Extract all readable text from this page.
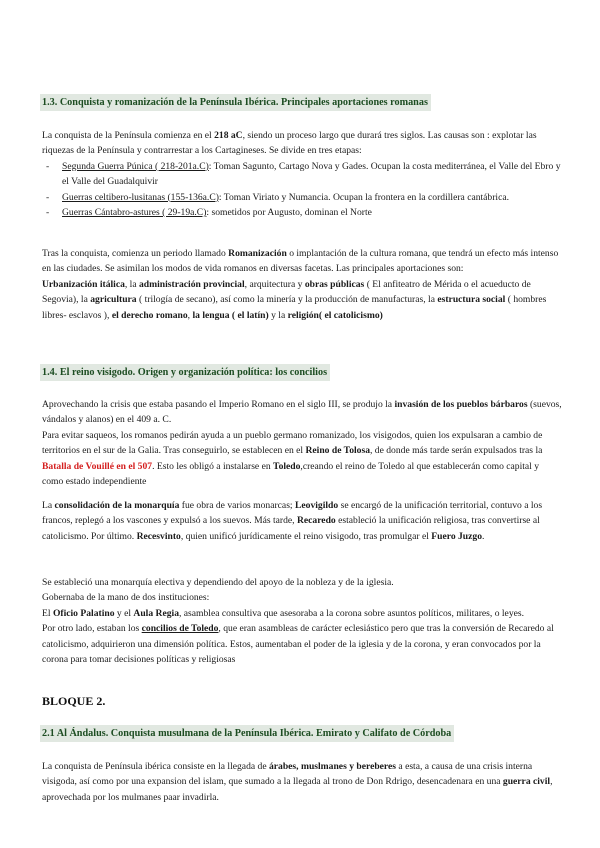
1.3. Conquista y romanización de la Península Ibérica. Principales aportaciones romanas

La conquista de la Península comienza en el 218 aC, siendo un proceso largo que durará tres siglos. Las causas son : explotar las riquezas de la Península y contrarrestar a los Cartagineses. Se divide en tres etapas:

- Segunda Guerra Púnica ( 218-201a.C): Toman Sagunto, Cartago Nova y Gades. Ocupan la costa mediterránea, el Valle del Ebro y el Valle del Guadalquivir
- Guerras celtibero-lusitanas (155-136a.C): Toman Viriato y Numancia. Ocupan la frontera en la cordillera cantábrica.
- Guerras Cántabro-astures ( 29-19a.C): sometidos por Augusto, dominan el Norte

Tras la conquista, comienza un periodo llamado Romanización o implantación de la cultura romana, que tendrá un efecto más intenso en las ciudades. Se asimilan los modos de vida romanos en diversas facetas. Las principales aportaciones son:

Urbanización itálica, la administración provincial, arquitectura y obras públicas ( El anfiteatro de Mérida o el acueducto de Segovia), la agricultura ( trilogía de secano), así como la minería y la producción de manufacturas, la estructura social ( hombres libres- esclavos ), el derecho romano, la lengua ( el latín) y la religión( el catolicismo)

1.4. El reino visigodo. Origen y organización política: los concilios

Aprovechando la crisis que estaba pasando el Imperio Romano en el siglo III, se produjo la invasión de los pueblos bárbaros (suevos, vándalos y alanos) en el 409 a. C.

Para evitar saqueos, los romanos pedirán ayuda a un pueblo germano romanizado, los visigodos, quien los expulsaran a cambio de territorios en el sur de la Galia. Tras conseguirlo, se establecen en el Reino de Tolosa, de donde más tarde serán expulsados tras la Batalla de Vouillé en el 507. Esto les obligó a instalarse en Toledo,creando el reino de Toledo al que establecerán como capital y como estado independiente

La consolidación de la monarquía fue obra de varios monarcas; Leovigildo se encargó de la unificación territorial, contuvo a los francos, replegó a los vascones y expulsó a los suevos. Más tarde, Recaredo estableció la unificación religiosa, tras convertirse al catolicismo. Por último. Recesvinto, quien unificó jurídicamente el reino visigodo, tras promulgar el Fuero Juzgo.

Se estableció una monarquía electiva y dependiendo del apoyo de la nobleza y de la iglesia.

Gobernaba de la mano de dos instituciones:

El Oficio Palatino y el Aula Regia, asamblea consultiva que asesoraba a la corona sobre asuntos políticos, militares, o leyes.

Por otro lado, estaban los concilios de Toledo, que eran asambleas de carácter eclesiástico pero que tras la conversión de Recaredo al catolicismo, adquirieron una dimensión política. Estos, aumentaban el poder de la iglesia y de la corona, y eran convocados por la corona para tomar decisiones políticas y religiosas

BLOQUE 2.
2.1 Al Ándalus. Conquista musulmana de la Península Ibérica. Emirato y Califato de Córdoba

La conquista de Península ibérica consiste en la llegada de árabes, muslmanes y bereberes a esta, a causa de una crisis interna visigoda, así como por una expansion del islam, que sumado a la llegada al trono de Don Rdrigo, desencadenara en una guerra civil, aprovechada por los mulmanes paar invadirla.
